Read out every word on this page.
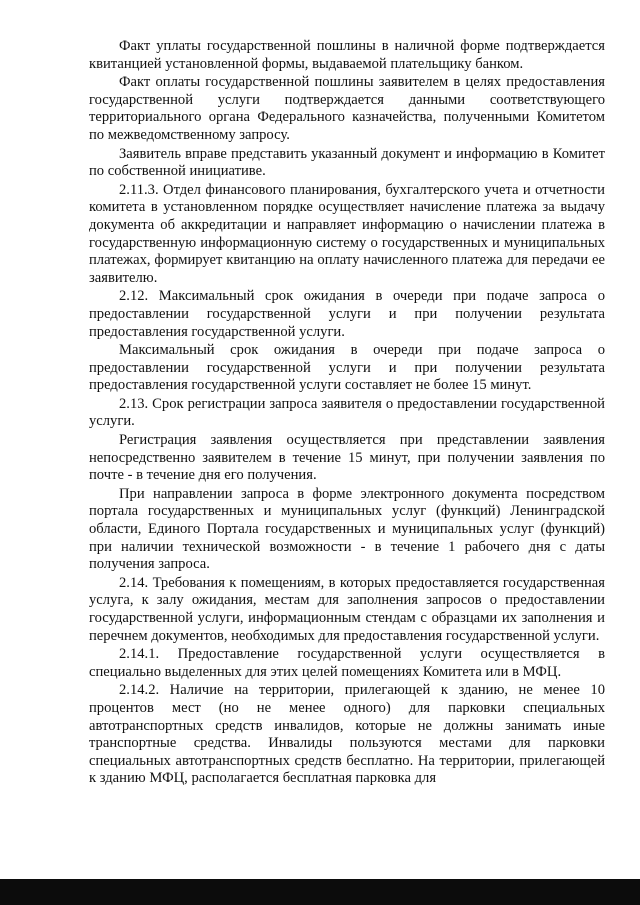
Факт уплаты государственной пошлины в наличной форме подтверждается квитанцией установленной формы, выдаваемой плательщику банком.

Факт оплаты государственной пошлины заявителем в целях предоставления государственной услуги подтверждается данными соответствующего территориального органа Федерального казначейства, полученными Комитетом по межведомственному запросу.

Заявитель вправе представить указанный документ и информацию в Комитет по собственной инициативе.

2.11.3. Отдел финансового планирования, бухгалтерского учета и отчетности комитета в установленном порядке осуществляет начисление платежа за выдачу документа об аккредитации и направляет информацию о начислении платежа в государственную информационную систему о государственных и муниципальных платежах, формирует квитанцию на оплату начисленного платежа для передачи ее заявителю.

2.12. Максимальный срок ожидания в очереди при подаче запроса о предоставлении государственной услуги и при получении результата предоставления государственной услуги.

Максимальный срок ожидания в очереди при подаче запроса о предоставлении государственной услуги и при получении результата предоставления государственной услуги составляет не более 15 минут.

2.13. Срок регистрации запроса заявителя о предоставлении государственной услуги.

Регистрация заявления осуществляется при представлении заявления непосредственно заявителем в течение 15 минут, при получении заявления по почте - в течение дня его получения.

При направлении запроса в форме электронного документа посредством портала государственных и муниципальных услуг (функций) Ленинградской области, Единого Портала государственных и муниципальных услуг (функций) при наличии технической возможности - в течение 1 рабочего дня с даты получения запроса.

2.14. Требования к помещениям, в которых предоставляется государственная услуга, к залу ожидания, местам для заполнения запросов о предоставлении государственной услуги, информационным стендам с образцами их заполнения и перечнем документов, необходимых для предоставления государственной услуги.

2.14.1. Предоставление государственной услуги осуществляется в специально выделенных для этих целей помещениях Комитета или в МФЦ.

2.14.2. Наличие на территории, прилегающей к зданию, не менее 10 процентов мест (но не менее одного) для парковки специальных автотранспортных средств инвалидов, которые не должны занимать иные транспортные средства. Инвалиды пользуются местами для парковки специальных автотранспортных средств бесплатно. На территории, прилегающей к зданию МФЦ, располагается бесплатная парковка для
